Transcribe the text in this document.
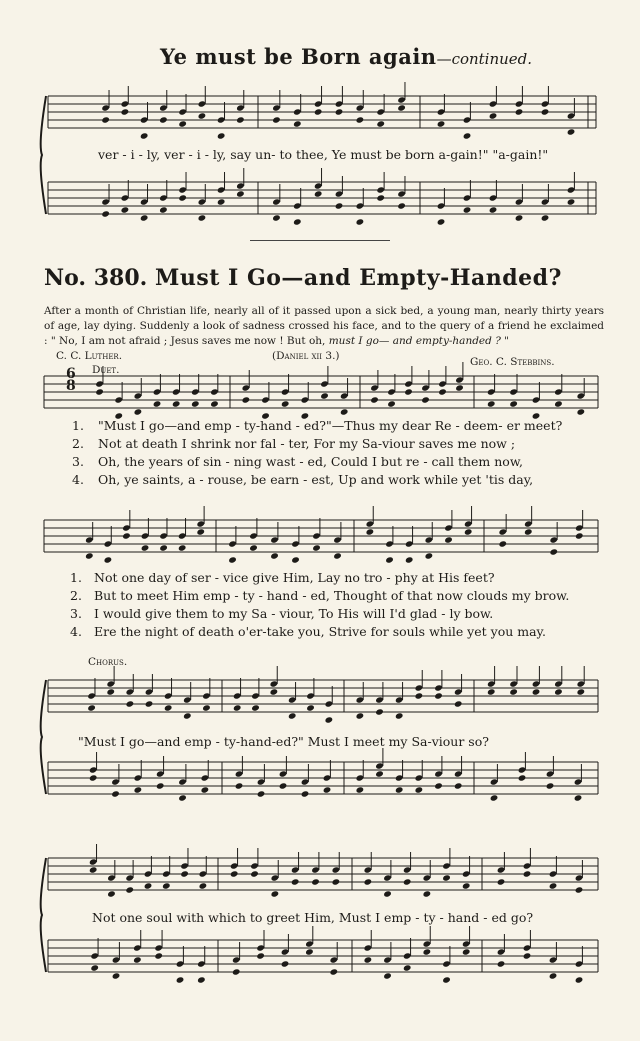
Ye must be Born again—continued.
ver - i - ly, ver - i - ly, say un- to thee, Ye must be born a-gain!" "a-gain!"
No. 380. Must I Go—and Empty-Handed?
After a month of Christian life, nearly all of it passed upon a sick bed, a young man, nearly thirty years of age, lay dying. Suddenly a look of sadness crossed his face, and to the query of a friend he exclaimed : " No, I am not afraid ; Jesus saves me now ! But oh, must I go— and empty-handed ? "
C. C. Luther.	(Daniel xii 3.)	Geo. C. Stebbins.
Duet.
6
8
1. "Must I go—and emp - ty-hand - ed?"—Thus my dear Re - deem- er meet?
2. Not at death I shrink nor fal - ter, For my Sa-viour saves me now ;
3. Oh, the years of sin - ning wast - ed, Could I but re - call them now,
4. Oh, ye saints, a - rouse, be earn - est, Up and work while yet 'tis day,
1. Not one day of ser - vice give Him, Lay no tro - phy at His feet?
2. But to meet Him emp - ty - hand - ed, Thought of that now clouds my brow.
3. I would give them to my Sa - viour, To His will I'd glad - ly bow.
4. Ere the night of death o'er-take you, Strive for souls while yet you may.
Chorus.
"Must I go—and emp - ty-hand-ed?" Must I meet my Sa-viour so?
Not one soul with which to greet Him, Must I emp - ty - hand - ed go?
